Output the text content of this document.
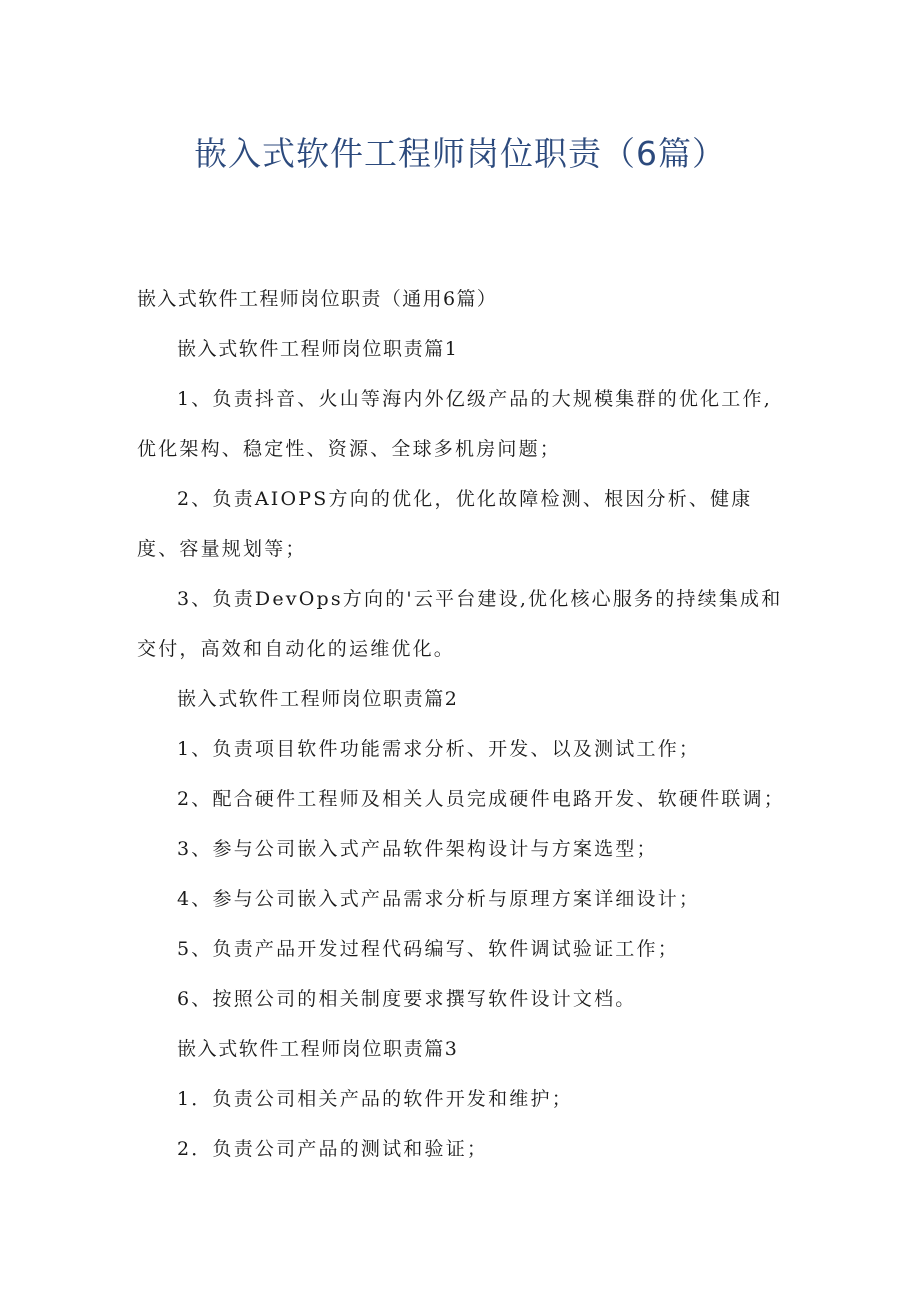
嵌入式软件工程师岗位职责（6篇）

嵌入式软件工程师岗位职责（通用6篇）

嵌入式软件工程师岗位职责篇1

1、负责抖音、火山等海内外亿级产品的大规模集群的优化工作,优化架构、稳定性、资源、全球多机房问题；

2、负责AIOPS方向的优化，优化故障检测、根因分析、健康度、容量规划等；

3、负责DevOps方向的'云平台建设,优化核心服务的持续集成和交付，高效和自动化的运维优化。

嵌入式软件工程师岗位职责篇2

1、负责项目软件功能需求分析、开发、以及测试工作；

2、配合硬件工程师及相关人员完成硬件电路开发、软硬件联调；

3、参与公司嵌入式产品软件架构设计与方案选型；

4、参与公司嵌入式产品需求分析与原理方案详细设计；

5、负责产品开发过程代码编写、软件调试验证工作；

6、按照公司的相关制度要求撰写软件设计文档。

嵌入式软件工程师岗位职责篇3

1．负责公司相关产品的软件开发和维护；

2．负责公司产品的测试和验证；
